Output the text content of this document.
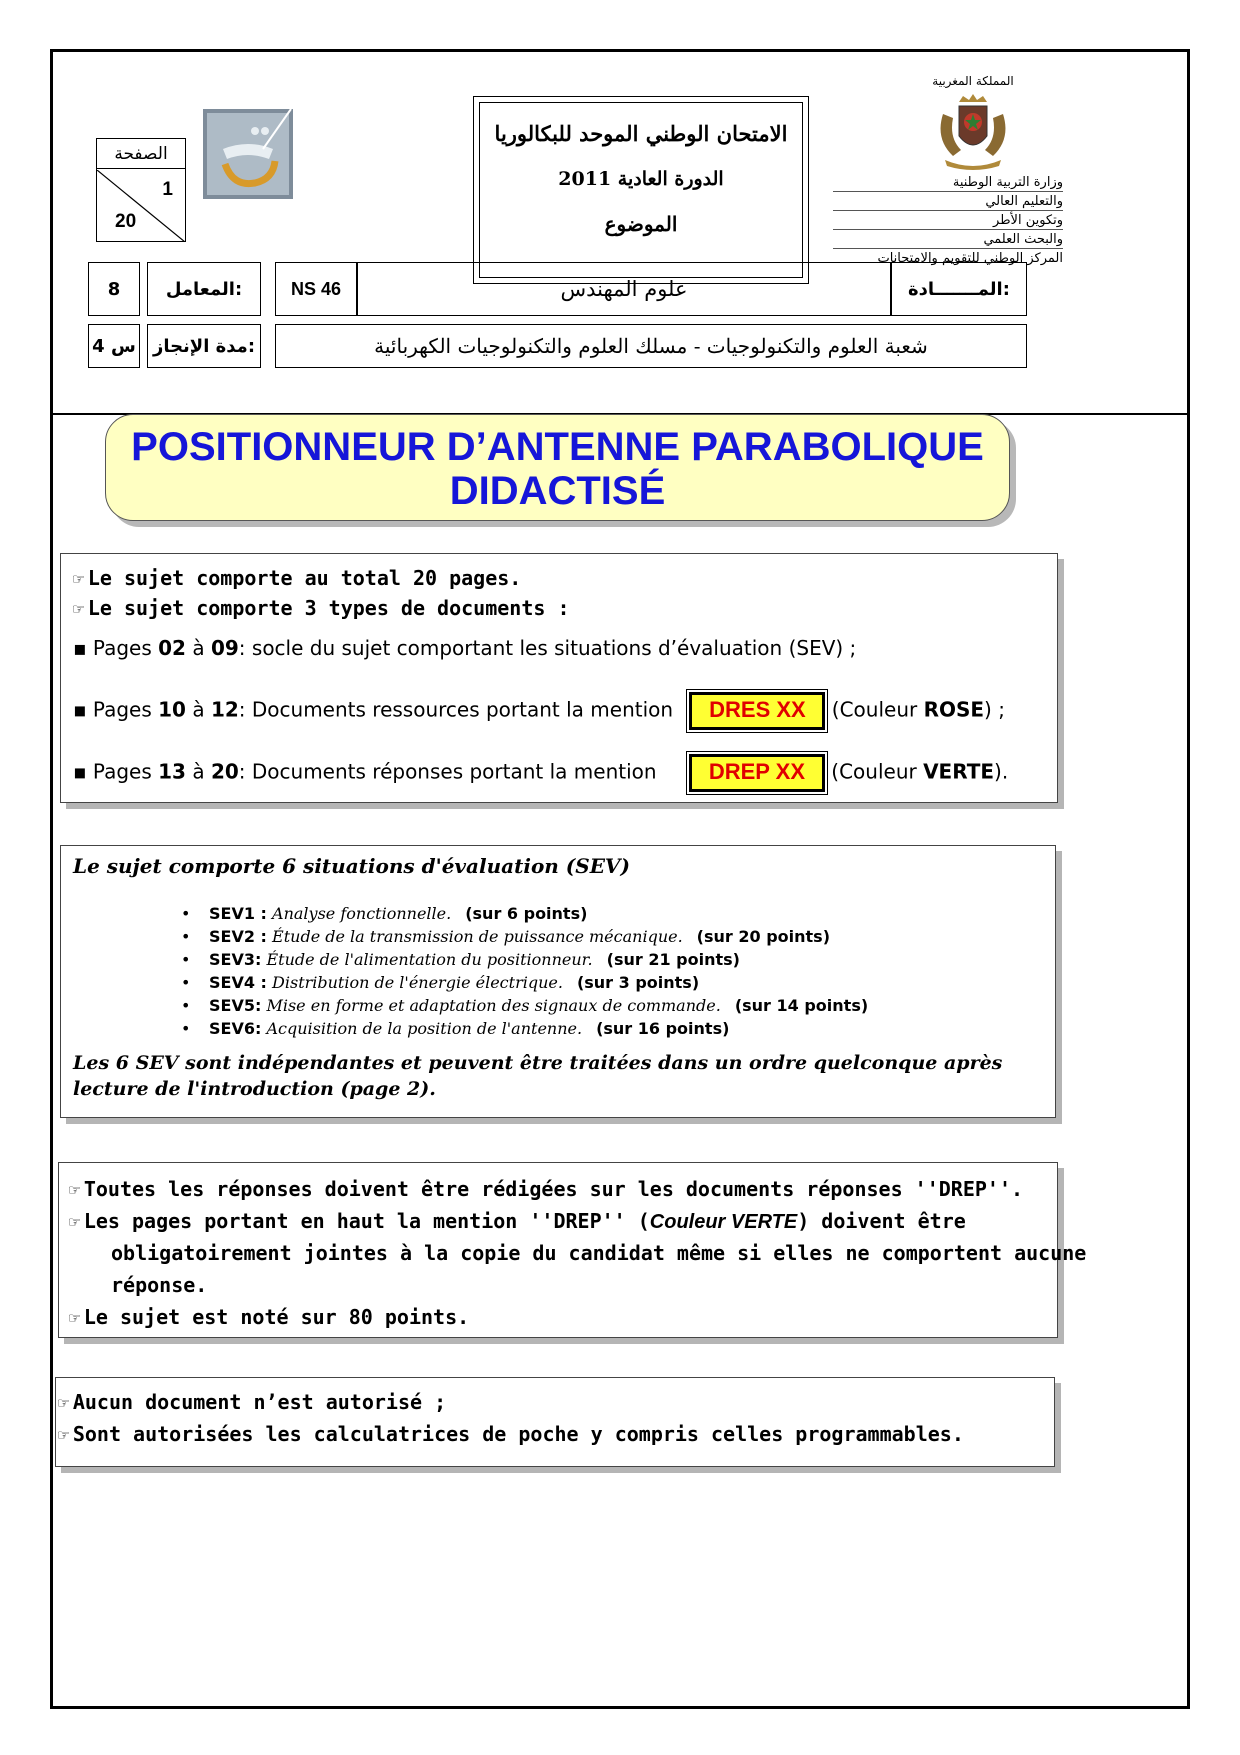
الصفحة
1
20
الامتحان الوطني الموحد للبكالوريا
الدورة العادية 2011
الموضوع
المملكة المغربية
وزارة التربية الوطنية
والتعليم العالي
وتكوين الأطر
والبحث العلمي
المركز الوطني للتقويم والامتحانات
8	المعامل:	NS 46	علوم المهندس	المـــــــادة:
4 س مدة الإنجاز:	شعبة العلوم والتكنولوجيات - مسلك العلوم والتكنولوجيات الكهربائية
POSITIONNEUR D’ANTENNE PARABOLIQUE
DIDACTISÉ
☞ Le sujet comporte au total 20 pages.
☞ Le sujet comporte 3 types de documents :
▪ Pages 02 à 09: socle du sujet comportant les situations d’évaluation (SEV) ;
▪ Pages 10 à 12: Documents ressources portant la mention DRES XX (Couleur ROSE) ;
▪ Pages 13 à 20: Documents réponses portant la mention DREP XX (Couleur VERTE).
Le sujet comporte 6 situations d'évaluation (SEV)
• SEV1 : Analyse fonctionnelle. (sur 6 points)
• SEV2 : Étude de la transmission de puissance mécanique. (sur 20 points)
• SEV3: Étude de l'alimentation du positionneur. (sur 21 points)
• SEV4 : Distribution de l'énergie électrique. (sur 3 points)
• SEV5: Mise en forme et adaptation des signaux de commande. (sur 14 points)
• SEV6: Acquisition de la position de l'antenne. (sur 16 points)
Les 6 SEV sont indépendantes et peuvent être traitées dans un ordre quelconque après lecture de l'introduction (page 2).
☞ Toutes les réponses doivent être rédigées sur les documents réponses ''DREP''.
☞ Les pages portant en haut la mention ''DREP'' (Couleur VERTE) doivent être
obligatoirement jointes à la copie du candidat même si elles ne comportent aucune
réponse.
☞ Le sujet est noté sur 80 points.
☞ Aucun document n’est autorisé ;
☞ Sont autorisées les calculatrices de poche y compris celles programmables.
